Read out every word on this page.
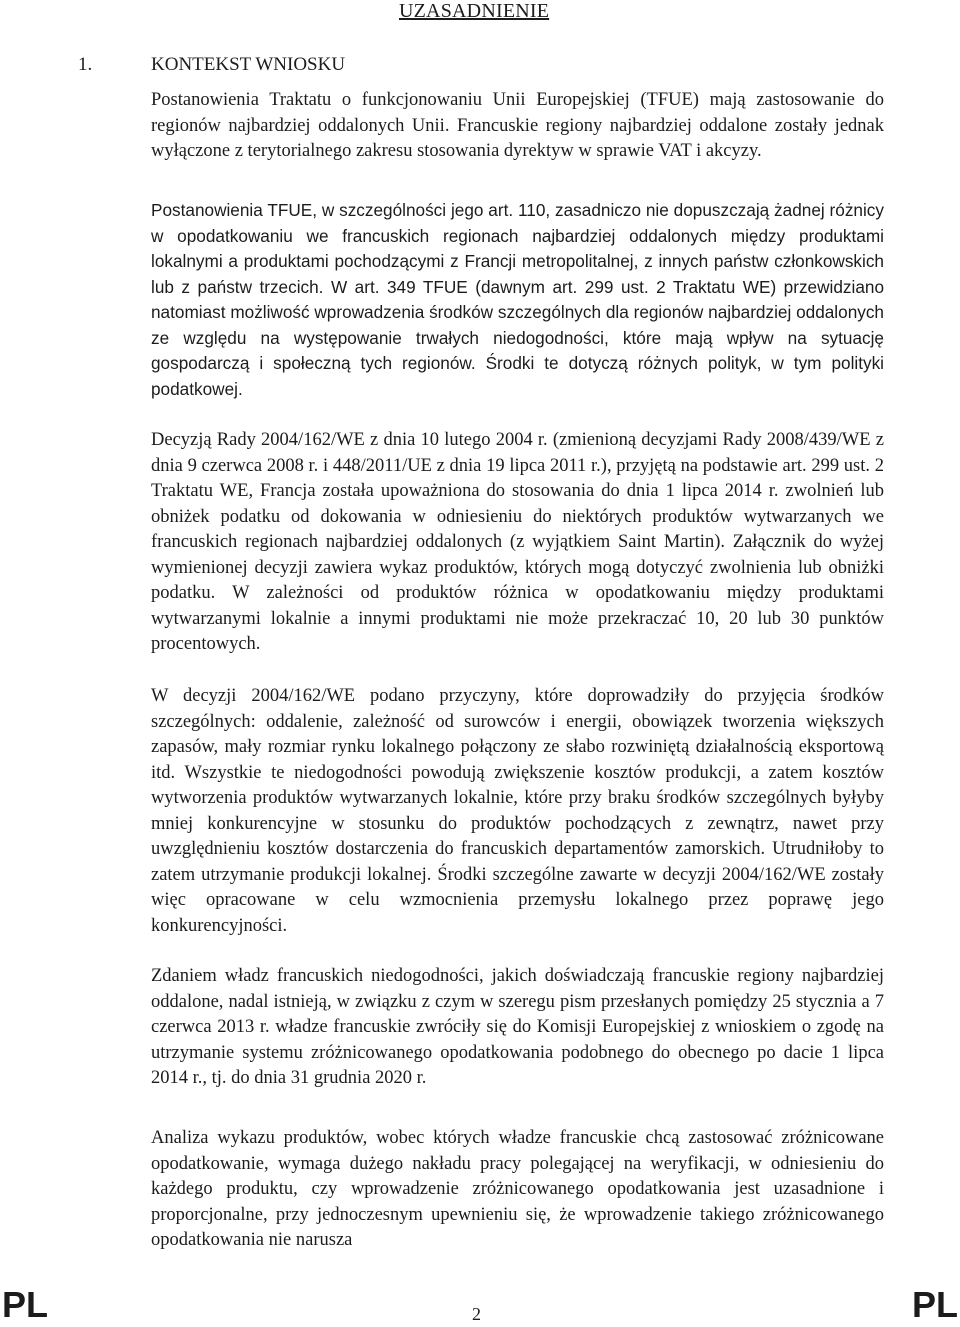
UZASADNIENIE
1.	KONTEKST WNIOSKU

Postanowienia Traktatu o funkcjonowaniu Unii Europejskiej (TFUE) mają zastosowanie do regionów najbardziej oddalonych Unii. Francuskie regiony najbardziej oddalone zostały jednak wyłączone z terytorialnego zakresu stosowania dyrektyw w sprawie VAT i akcyzy.

Postanowienia TFUE, w szczególności jego art. 110, zasadniczo nie dopuszczają żadnej różnicy w opodatkowaniu we francuskich regionach najbardziej oddalonych między produktami lokalnymi a produktami pochodzącymi z Francji metropolitalnej, z innych państw członkowskich lub z państw trzecich. W art. 349 TFUE (dawnym art. 299 ust. 2 Traktatu WE) przewidziano natomiast możliwość wprowadzenia środków szczególnych dla regionów najbardziej oddalonych ze względu na występowanie trwałych niedogodności, które mają wpływ na sytuację gospodarczą i społeczną tych regionów. Środki te dotyczą różnych polityk, w tym polityki podatkowej.

Decyzją Rady 2004/162/WE z dnia 10 lutego 2004 r. (zmienioną decyzjami Rady 2008/439/WE z dnia 9 czerwca 2008 r. i 448/2011/UE z dnia 19 lipca 2011 r.), przyjętą na podstawie art. 299 ust. 2 Traktatu WE, Francja została upoważniona do stosowania do dnia 1 lipca 2014 r. zwolnień lub obniżek podatku od dokowania w odniesieniu do niektórych produktów wytwarzanych we francuskich regionach najbardziej oddalonych (z wyjątkiem Saint Martin). Załącznik do wyżej wymienionej decyzji zawiera wykaz produktów, których mogą dotyczyć zwolnienia lub obniżki podatku. W zależności od produktów różnica w opodatkowaniu między produktami wytwarzanymi lokalnie a innymi produktami nie może przekraczać 10, 20 lub 30 punktów procentowych.

W decyzji 2004/162/WE podano przyczyny, które doprowadziły do przyjęcia środków szczególnych: oddalenie, zależność od surowców i energii, obowiązek tworzenia większych zapasów, mały rozmiar rynku lokalnego połączony ze słabo rozwiniętą działalnością eksportową itd. Wszystkie te niedogodności powodują zwiększenie kosztów produkcji, a zatem kosztów wytworzenia produktów wytwarzanych lokalnie, które przy braku środków szczególnych byłyby mniej konkurencyjne w stosunku do produktów pochodzących z zewnątrz, nawet przy uwzględnieniu kosztów dostarczenia do francuskich departamentów zamorskich. Utrudniłoby to zatem utrzymanie produkcji lokalnej. Środki szczególne zawarte w decyzji 2004/162/WE zostały więc opracowane w celu wzmocnienia przemysłu lokalnego przez poprawę jego konkurencyjności.

Zdaniem władz francuskich niedogodności, jakich doświadczają francuskie regiony najbardziej oddalone, nadal istnieją, w związku z czym w szeregu pism przesłanych pomiędzy 25 stycznia a 7 czerwca 2013 r. władze francuskie zwróciły się do Komisji Europejskiej z wnioskiem o zgodę na utrzymanie systemu zróżnicowanego opodatkowania podobnego do obecnego po dacie 1 lipca 2014 r., tj. do dnia 31 grudnia 2020 r.

Analiza wykazu produktów, wobec których władze francuskie chcą zastosować zróżnicowane opodatkowanie, wymaga dużego nakładu pracy polegającej na weryfikacji, w odniesieniu do każdego produktu, czy wprowadzenie zróżnicowanego opodatkowania jest uzasadnione i proporcjonalne, przy jednoczesnym upewnieniu się, że wprowadzenie takiego zróżnicowanego opodatkowania nie narusza

PL	2	PL
